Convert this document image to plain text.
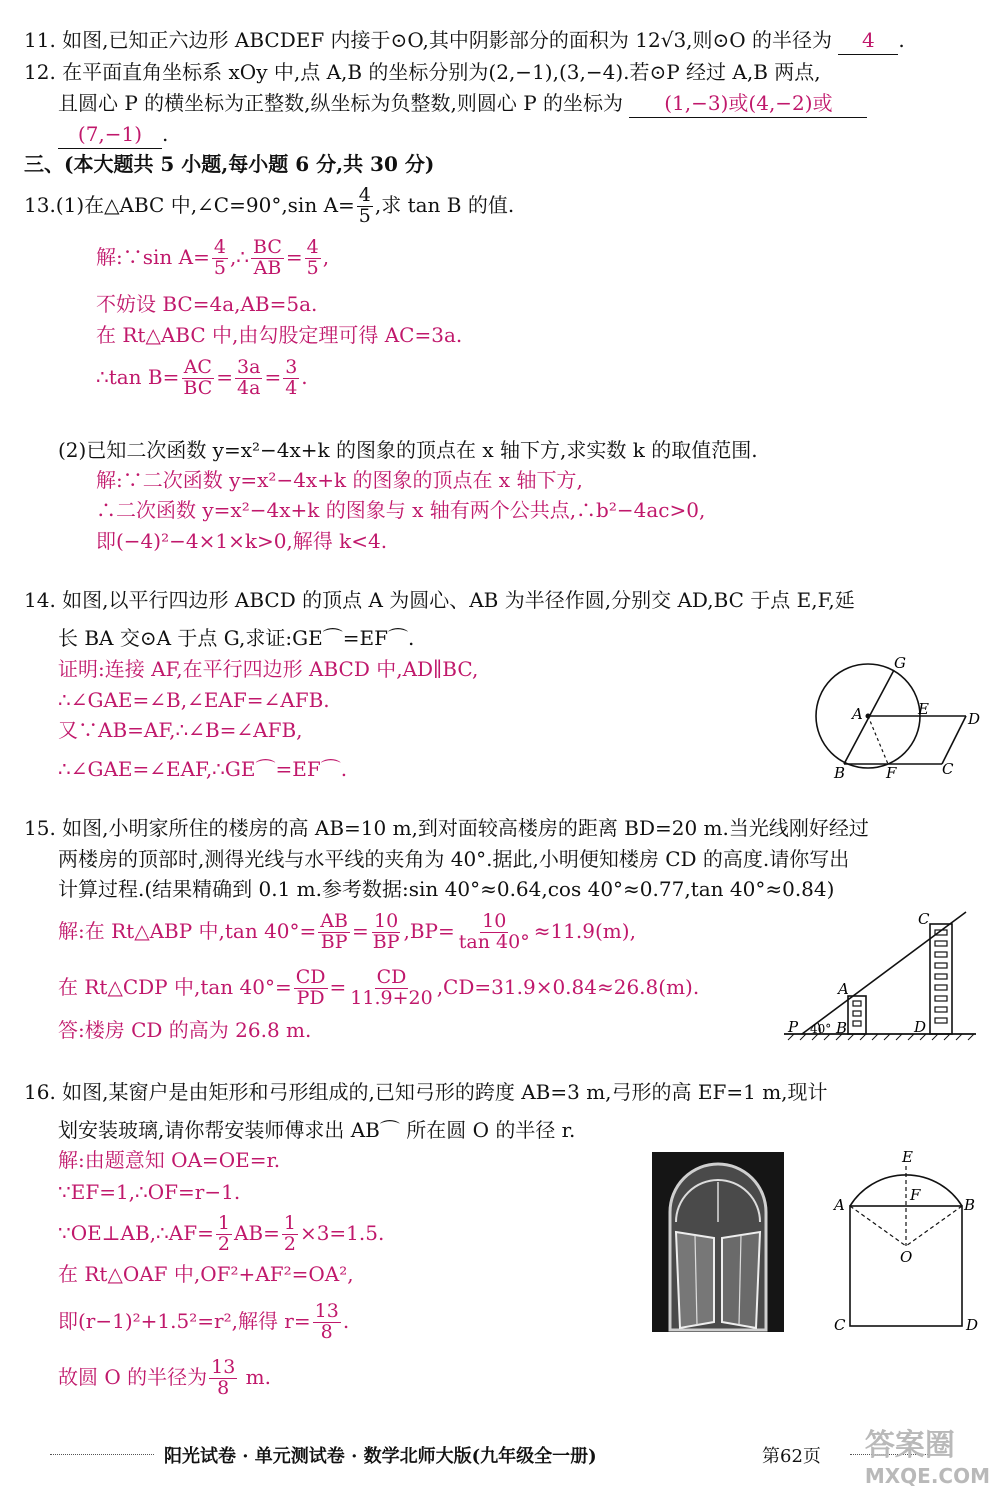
11. 如图,已知正六边形 ABCDEF 内接于⊙O,其中阴影部分的面积为 12√3,则⊙O 的半径为 4 .
12. 在平面直角坐标系 xOy 中,点 A,B 的坐标分别为(2,−1),(3,−4).若⊙P 经过 A,B 两点,
且圆心 P 的横坐标为正整数,纵坐标为负整数,则圆心 P 的坐标为 (1,−3)或(4,−2)或
(7,−1) .
三、(本大题共 5 小题,每小题 6 分,共 30 分)
13.(1)在△ABC 中,∠C=90°,sin $A= \frac{4}{5}$ ,求 tan B 的值.
解:∵sin $A= \frac{4}{5}$ ,∴ $\frac{BC}{AB} = \frac{4}{5}$ ,
不妨设 BC=4a,AB=5a.
在 Rt△ABC 中,由勾股定理可得 AC=3a.
∴tan $B= \frac{AC}{BC} = \frac{3a}{4a} = \frac{3}{4}$ .
(2)已知二次函数 y=x²−4x+k 的图象的顶点在 x 轴下方,求实数 k 的取值范围.
解:∵二次函数 y=x²−4x+k 的图象的顶点在 x 轴下方,
∴二次函数 y=x²−4x+k 的图象与 x 轴有两个公共点,∴b²−4ac>0,
即(−4)²−4×1×k>0,解得 k<4.
14. 如图,以平行四边形 ABCD 的顶点 A 为圆心、AB 为半径作圆,分别交 AD,BC 于点 E,F,延
长 BA 交⊙A 于点 G,求证:GE⌒=EF⌒.
证明:连接 AF,在平行四边形 ABCD 中,AD∥BC,
∴∠GAE=∠B,∠EAF=∠AFB.
又∵AB=AF,∴∠B=∠AFB,
∴∠GAE=∠EAF,∴GE⌒=EF⌒.
G
A	E
D
B	F	C
15. 如图,小明家所住的楼房的高 AB=10 m,到对面较高楼房的距离 BD=20 m.当光线刚好经过
两楼房的顶部时,测得光线与水平线的夹角为 40°.据此,小明便知楼房 CD 的高度.请你写出
计算过程.(结果精确到 0.1 m.参考数据:sin 40°≈0.64,cos 40°≈0.77,tan 40°≈0.84)
解:在 Rt△ABP 中,tan $40^\circ= \frac{AB}{BP} = \frac{10}{BP} ,BP= \frac{10}{\tan 40^\circ} \approx 11.9(m)$,
在 Rt△CDP 中,tan $40^\circ= \frac{CD}{PD} = \frac{CD}{11.9+20} ,CD=31.9\times 0.84\approx 26.8(m)$.
答:楼房 CD 的高为 26.8 m.
C
A
P 40° B	D
16. 如图,某窗户是由矩形和弓形组成的,已知弓形的跨度 AB=3 m,弓形的高 EF=1 m,现计
划安装玻璃,请你帮安装师傅求出 AB⌒ 所在圆 O 的半径 r.
解:由题意知 OA=OE=r.
∵EF=1,∴OF=r−1.
∵OE⊥AB,∴AF= $\frac{1}{2} AB= \frac{1}{2} \times 3=1.5$.
在 Rt△OAF 中,OF²+AF²=OA²,
即(r−1)²+1.5²=r²,解得 $r= \frac{13}{8}$ .
故圆 O 的半径为 $\frac{13}{8} m$.
E
A
F
B
O
C	D
阳光试卷 · 单元测试卷 · 数学北师大版(九年级全一册)	第62页 答案圈
MXQE.COM
